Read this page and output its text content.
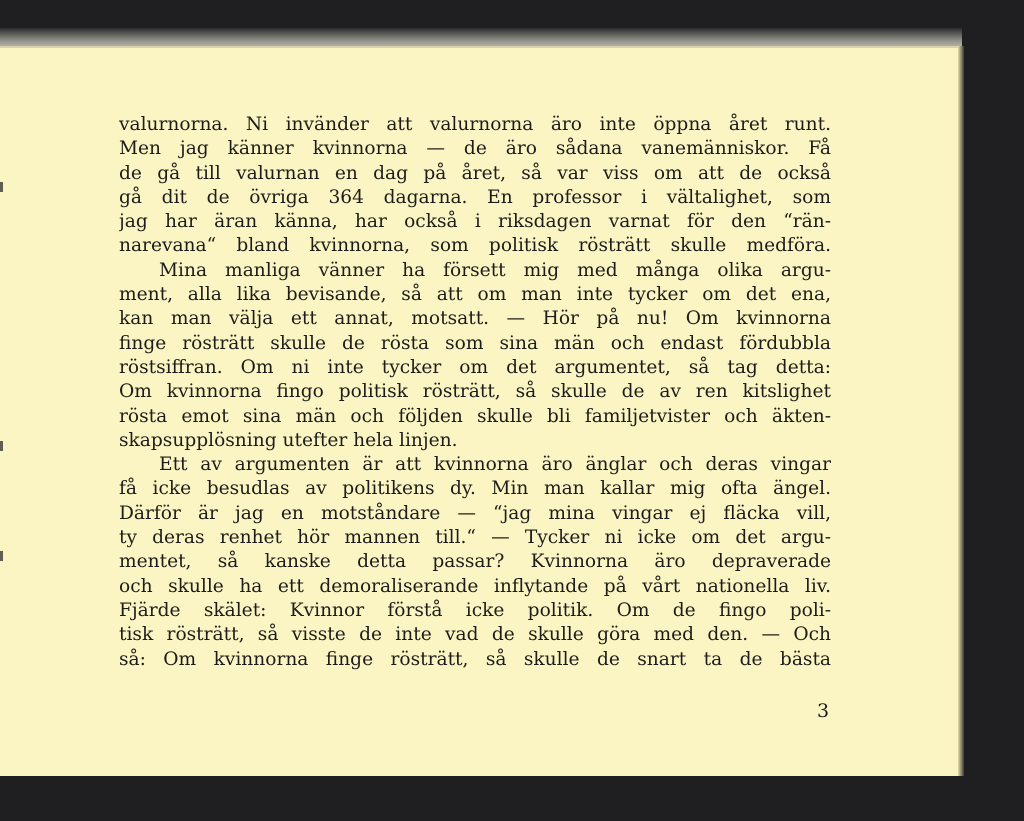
valurnorna. Ni invänder att valurnorna äro inte öppna året runt.
Men jag känner kvinnorna — de äro sådana vanemänniskor. Få
de gå till valurnan en dag på året, så var viss om att de också
gå dit de övriga 364 dagarna. En professor i vältalighet, som
jag har äran känna, har också i riksdagen varnat för den “rän-
narevana“ bland kvinnorna, som politisk rösträtt skulle medföra.
Mina manliga vänner ha försett mig med många olika argu-
ment, alla lika bevisande, så att om man inte tycker om det ena,
kan man välja ett annat, motsatt. — Hör på nu! Om kvinnorna
finge rösträtt skulle de rösta som sina män och endast fördubbla
röstsiffran. Om ni inte tycker om det argumentet, så tag detta:
Om kvinnorna fingo politisk rösträtt, så skulle de av ren kitslighet
rösta emot sina män och följden skulle bli familjetvister och äkten-
skapsupplösning utefter hela linjen.
Ett av argumenten är att kvinnorna äro änglar och deras vingar
få icke besudlas av politikens dy. Min man kallar mig ofta ängel.
Därför är jag en motståndare — “jag mina vingar ej fläcka vill,
ty deras renhet hör mannen till.“ — Tycker ni icke om det argu-
mentet, så kanske detta passar? Kvinnorna äro depraverade
och skulle ha ett demoraliserande inflytande på vårt nationella liv.
Fjärde skälet: Kvinnor förstå icke politik. Om de fingo poli-
tisk rösträtt, så visste de inte vad de skulle göra med den. — Och
så: Om kvinnorna finge rösträtt, så skulle de snart ta de bästa
3
